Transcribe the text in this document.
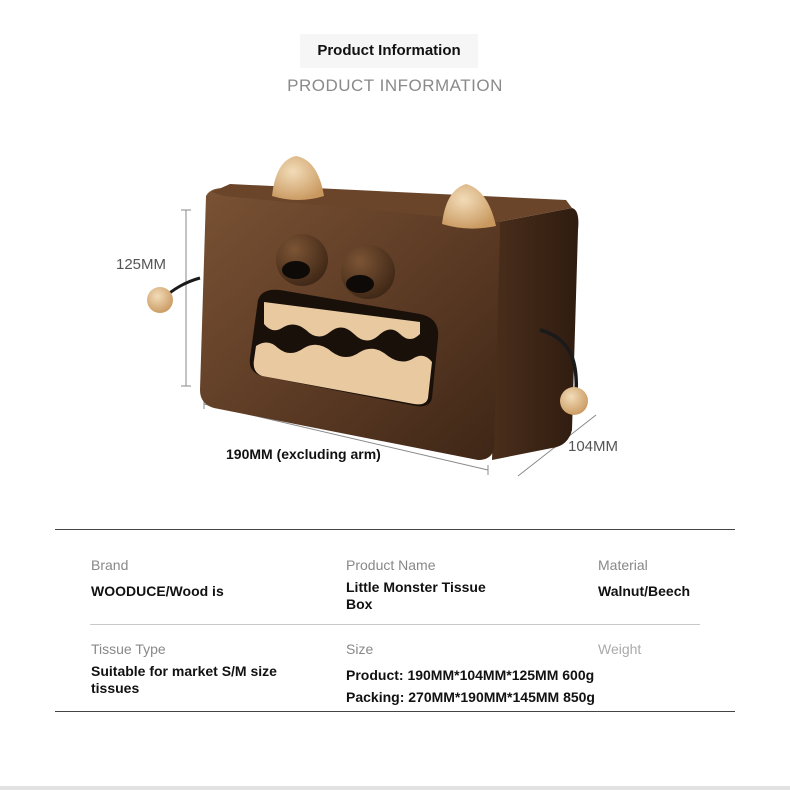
Product Information
PRODUCT INFORMATION
125MM
190MM (excluding arm)	104MM
Brand
WOODUCE/Wood is
Product Name
Little Monster Tissue
Box
Material
Walnut/Beech
Tissue Type
Suitable for market S/M size
tissues
Size
Product: 190MM*104MM*125MM 600g
Packing: 270MM*190MM*145MM 850g
Weight
